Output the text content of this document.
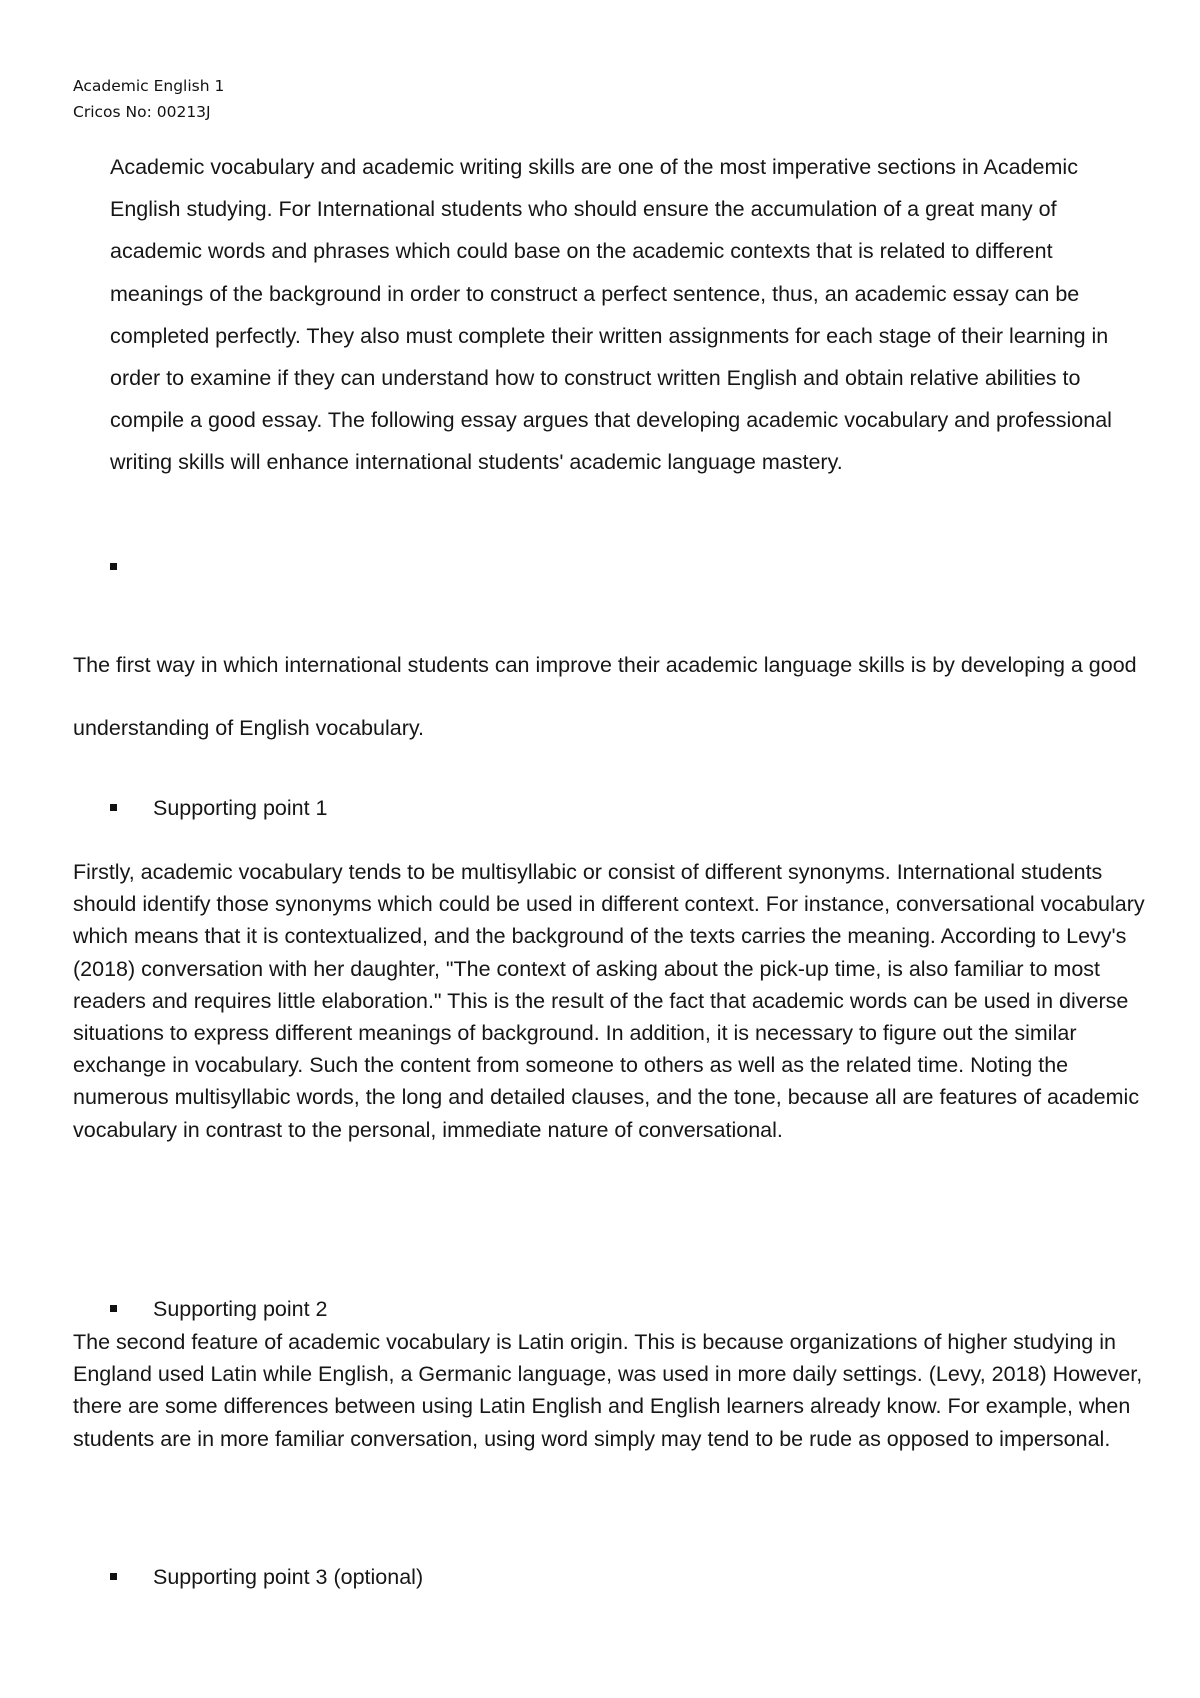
Academic English 1
Cricos No: 00213J

Academic vocabulary and academic writing skills are one of the most imperative sections in Academic English studying. For International students who should ensure the accumulation of a great many of academic words and phrases which could base on the academic contexts that is related to different meanings of the background in order to construct a perfect sentence, thus, an academic essay can be completed perfectly. They also must complete their written assignments for each stage of their learning in order to examine if they can understand how to construct written English and obtain relative abilities to compile a good essay. The following essay argues that developing academic vocabulary and professional writing skills will enhance international students' academic language mastery.

The first way in which international students can improve their academic language skills is by developing a good understanding of English vocabulary.

Supporting point 1

Firstly, academic vocabulary tends to be multisyllabic or consist of different synonyms. International students should identify those synonyms which could be used in different context. For instance, conversational vocabulary which means that it is contextualized, and the background of the texts carries the meaning. According to Levy's (2018) conversation with her daughter, "The context of asking about the pick-up time, is also familiar to most readers and requires little elaboration." This is the result of the fact that academic words can be used in diverse situations to express different meanings of background. In addition, it is necessary to figure out the similar exchange in vocabulary. Such the content from someone to others as well as the related time. Noting the numerous multisyllabic words, the long and detailed clauses, and the tone, because all are features of academic vocabulary in contrast to the personal, immediate nature of conversational.

Supporting point 2

The second feature of academic vocabulary is Latin origin. This is because organizations of higher studying in England used Latin while English, a Germanic language, was used in more daily settings. (Levy, 2018) However, there are some differences between using Latin English and English learners already know. For example, when students are in more familiar conversation, using word simply may tend to be rude as opposed to impersonal.

Supporting point 3 (optional)
